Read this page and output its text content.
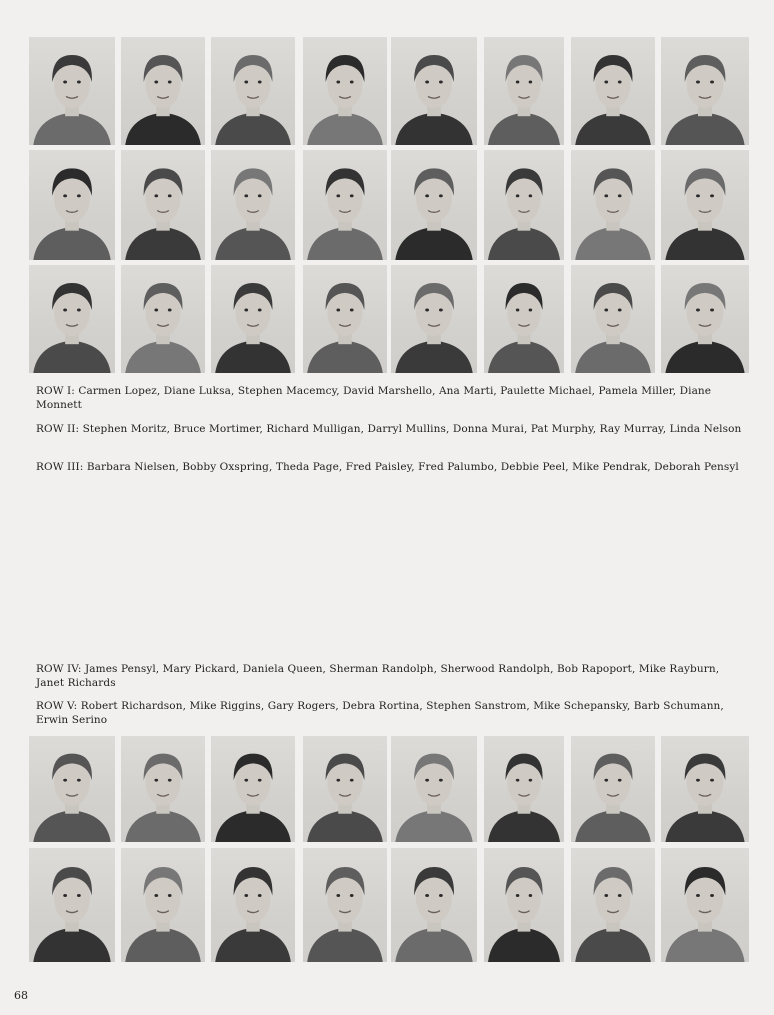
ROW I: Carmen Lopez, Diane Luksa, Stephen Macemcy, David Marshello, Ana Marti, Paulette Michael, Pamela Miller, Diane Monnett

ROW II: Stephen Moritz, Bruce Mortimer, Richard Mulligan, Darryl Mullins, Donna Murai, Pat Murphy, Ray Murray, Linda Nelson

ROW III: Barbara Nielsen, Bobby Oxspring, Theda Page, Fred Paisley, Fred Palumbo, Debbie Peel, Mike Pendrak, Deborah Pensyl

ROW IV: James Pensyl, Mary Pickard, Daniela Queen, Sherman Randolph, Sherwood Randolph, Bob Rapoport, Mike Rayburn, Janet Richards

ROW V: Robert Richardson, Mike Riggins, Gary Rogers, Debra Rortina, Stephen Sanstrom, Mike Schepansky, Barb Schumann, Erwin Serino

68
